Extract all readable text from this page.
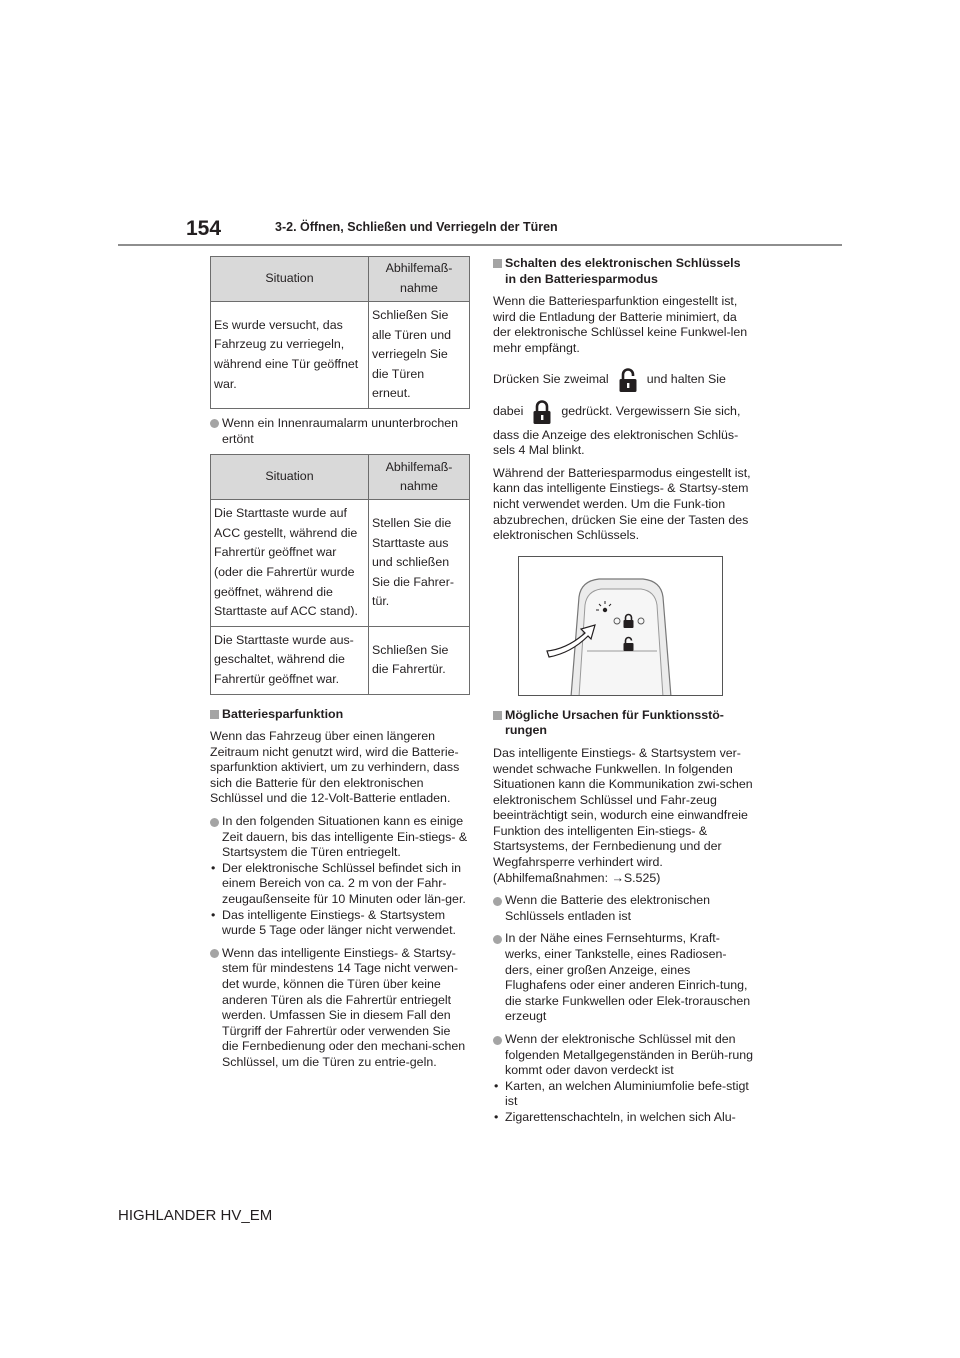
154	3-2. Öffnen, Schließen und Verriegeln der Türen
Situation	Abhilfemaß-
nahme
Es wurde versucht, das Fahrzeug zu verriegeln, während eine Tür geöffnet war.	Schließen Sie alle Türen und verriegeln Sie die Türen erneut.

Wenn ein Innenraumalarm ununterbrochen ertönt

Situation	Abhilfemaß-
nahme
Die Starttaste wurde auf ACC gestellt, während die Fahrertür geöffnet war (oder die Fahrertür wurde geöffnet, während die Starttaste auf ACC stand).	Stellen Sie die Starttaste aus und schließen Sie die Fahrer-tür.
Die Starttaste wurde aus-geschaltet, während die Fahrertür geöffnet war.	Schließen Sie die Fahrertür.

Batteriesparfunktion

Wenn das Fahrzeug über einen längeren Zeitraum nicht genutzt wird, wird die Batterie-sparfunktion aktiviert, um zu verhindern, dass sich die Batterie für den elektronischen Schlüssel und die 12-Volt-Batterie entladen.

In den folgenden Situationen kann es einige Zeit dauern, bis das intelligente Ein-stiegs- & Startsystem die Türen entriegelt.

• Der elektronische Schlüssel befindet sich in einem Bereich von ca. 2 m von der Fahr-zeugaußenseite für 10 Minuten oder län-ger.

• Das intelligente Einstiegs- & Startsystem wurde 5 Tage oder länger nicht verwendet.

Wenn das intelligente Einstiegs- & Startsy-stem für mindestens 14 Tage nicht verwen-det wurde, können die Türen über keine anderen Türen als die Fahrertür entriegelt werden. Umfassen Sie in diesem Fall den Türgriff der Fahrertür oder verwenden Sie die Fernbedienung oder den mechani-schen Schlüssel, um die Türen zu entrie-geln.

Schalten des elektronischen Schlüssels in den Batteriesparmodus

Wenn die Batteriesparfunktion eingestellt ist, wird die Entladung der Batterie minimiert, da der elektronische Schlüssel keine Funkwel-len mehr empfängt.

Drücken Sie zweimal	und halten Sie
dabei	gedrückt. Vergewissern Sie sich,

dass die Anzeige des elektronischen Schlüs-sels 4 Mal blinkt.

Während der Batteriesparmodus eingestellt ist, kann das intelligente Einstiegs- & Startsy-stem nicht verwendet werden. Um die Funk-tion abzubrechen, drücken Sie eine der Tasten des elektronischen Schlüssels.

Mögliche Ursachen für Funktionsstö-rungen

Das intelligente Einstiegs- & Startsystem ver-wendet schwache Funkwellen. In folgenden Situationen kann die Kommunikation zwi-schen elektronischem Schlüssel und Fahr-zeug beeinträchtigt sein, wodurch eine einwandfreie Funktion des intelligenten Ein-stiegs- & Startsystems, der Fernbedienung und der Wegfahrsperre verhindert wird. (Abhilfemaßnahmen: →S.525)

Wenn die Batterie des elektronischen Schlüssels entladen ist

In der Nähe eines Fernsehturms, Kraft-werks, einer Tankstelle, eines Radiosen-ders, einer großen Anzeige, eines Flughafens oder einer anderen Einrich-tung, die starke Funkwellen oder Elek-trorauschen erzeugt

Wenn der elektronische Schlüssel mit den folgenden Metallgegenständen in Berüh-rung kommt oder davon verdeckt ist

• Karten, an welchen Aluminiumfolie befe-stigt ist

• Zigarettenschachteln, in welchen sich Alu-

HIGHLANDER HV_EM
